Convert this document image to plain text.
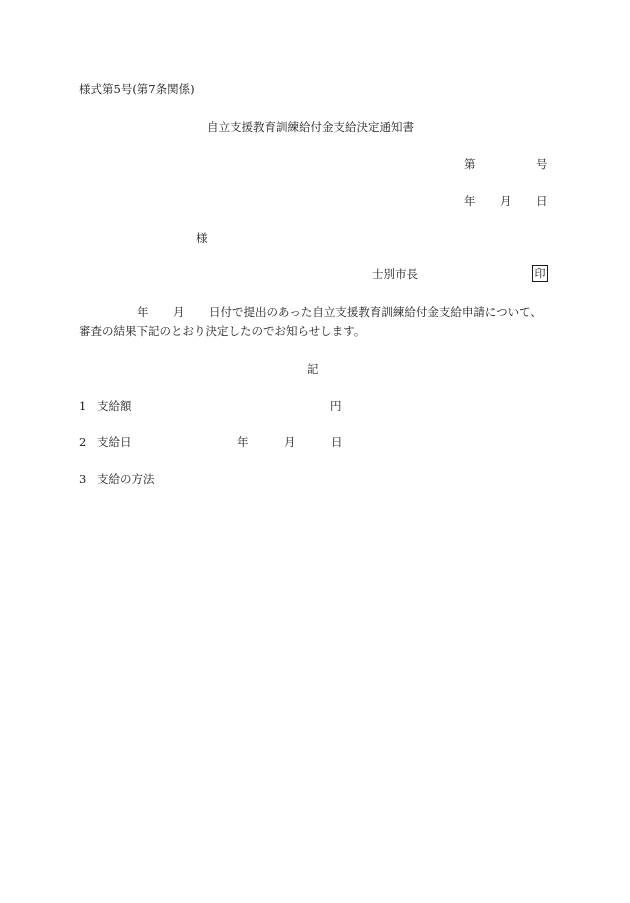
様式第5号(第7条関係)
自立支援教育訓練給付金支給決定通知書
第	号
年 月 日
様
士別市長	印
年 月 日付で提出のあった自立支援教育訓練給付金支給申請について、
審査の結果下記のとおり決定したのでお知らせします。
記
1 支給額	円
2 支給日	年	月	日
3 支給の方法
